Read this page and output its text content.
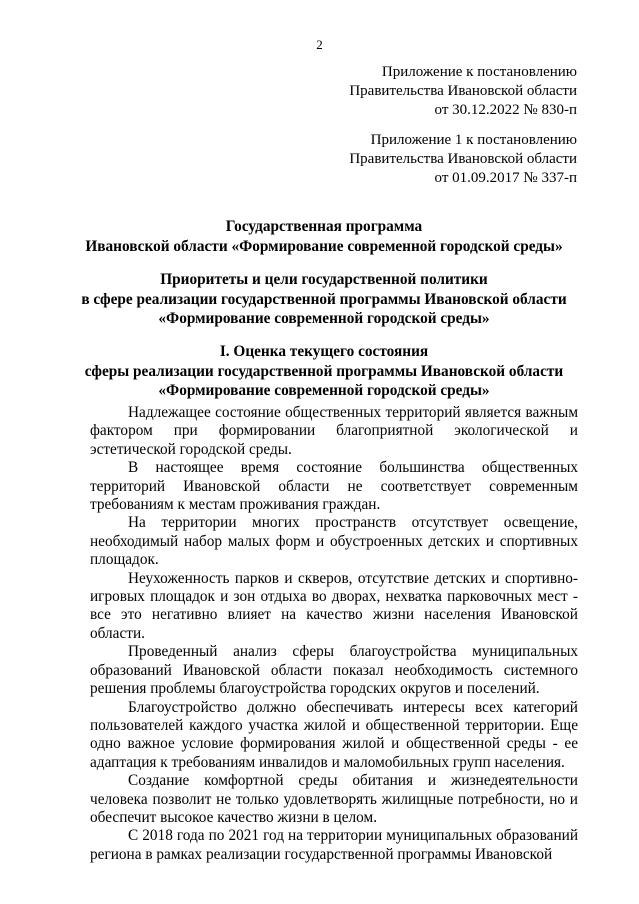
2
Приложение к постановлению
Правительства Ивановской области
от 30.12.2022 № 830-п
Приложение 1 к постановлению
Правительства Ивановской области
от 01.09.2017 № 337-п
Государственная программа
Ивановской области «Формирование современной городской среды»
Приоритеты и цели государственной политики
в сфере реализации государственной программы Ивановской области
«Формирование современной городской среды»
I. Оценка текущего состояния
сферы реализации государственной программы Ивановской области
«Формирование современной городской среды»

Надлежащее состояние общественных территорий является важным фактором при формировании благоприятной экологической и эстетической городской среды.

В настоящее время состояние большинства общественных территорий Ивановской области не соответствует современным требованиям к местам проживания граждан.

На территории многих пространств отсутствует освещение, необходимый набор малых форм и обустроенных детских и спортивных площадок.

Неухоженность парков и скверов, отсутствие детских и спортивно-игровых площадок и зон отдыха во дворах, нехватка парковочных мест - все это негативно влияет на качество жизни населения Ивановской области.

Проведенный анализ сферы благоустройства муниципальных образований Ивановской области показал необходимость системного решения проблемы благоустройства городских округов и поселений.

Благоустройство должно обеспечивать интересы всех категорий пользователей каждого участка жилой и общественной территории. Еще одно важное условие формирования жилой и общественной среды - ее адаптация к требованиям инвалидов и маломобильных групп населения.

Создание комфортной среды обитания и жизнедеятельности человека позволит не только удовлетворять жилищные потребности, но и обеспечит высокое качество жизни в целом.

С 2018 года по 2021 год на территории муниципальных образований региона в рамках реализации государственной программы Ивановской
